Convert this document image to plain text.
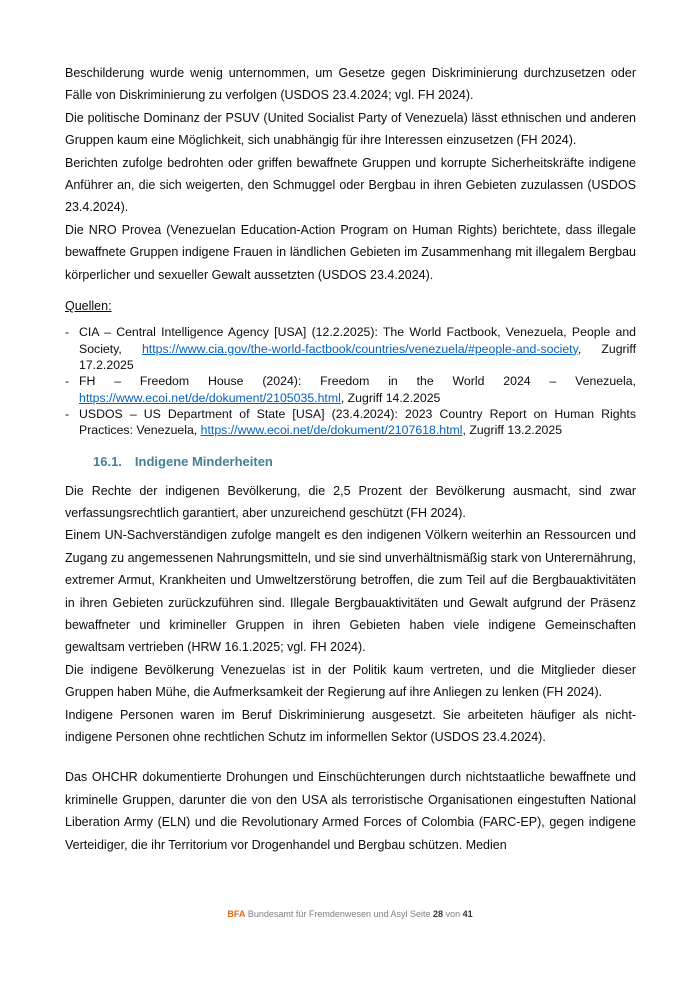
Beschilderung wurde wenig unternommen, um Gesetze gegen Diskriminierung durchzusetzen oder Fälle von Diskriminierung zu verfolgen (USDOS 23.4.2024; vgl. FH 2024).

Die politische Dominanz der PSUV (United Socialist Party of Venezuela) lässt ethnischen und anderen Gruppen kaum eine Möglichkeit, sich unabhängig für ihre Interessen einzusetzen (FH 2024).

Berichten zufolge bedrohten oder griffen bewaffnete Gruppen und korrupte Sicherheitskräfte indigene Anführer an, die sich weigerten, den Schmuggel oder Bergbau in ihren Gebieten zuzulassen (USDOS 23.4.2024).

Die NRO Provea (Venezuelan Education-Action Program on Human Rights) berichtete, dass illegale bewaffnete Gruppen indigene Frauen in ländlichen Gebieten im Zusammenhang mit illegalem Bergbau körperlicher und sexueller Gewalt aussetzten (USDOS 23.4.2024).

Quellen:

- CIA – Central Intelligence Agency [USA] (12.2.2025): The World Factbook, Venezuela, People and Society, https://www.cia.gov/the-world-factbook/countries/venezuela/#people-and-society, Zugriff 17.2.2025
- FH – Freedom House (2024): Freedom in the World 2024 – Venezuela, https://www.ecoi.net/de/dokument/2105035.html, Zugriff 14.2.2025
- USDOS – US Department of State [USA] (23.4.2024): 2023 Country Report on Human Rights Practices: Venezuela, https://www.ecoi.net/de/dokument/2107618.html, Zugriff 13.2.2025
16.1. Indigene Minderheiten

Die Rechte der indigenen Bevölkerung, die 2,5 Prozent der Bevölkerung ausmacht, sind zwar verfassungsrechtlich garantiert, aber unzureichend geschützt (FH 2024).

Einem UN-Sachverständigen zufolge mangelt es den indigenen Völkern weiterhin an Ressourcen und Zugang zu angemessenen Nahrungsmitteln, und sie sind unverhältnismäßig stark von Unterernährung, extremer Armut, Krankheiten und Umweltzerstörung betroffen, die zum Teil auf die Bergbauaktivitäten in ihren Gebieten zurückzuführen sind. Illegale Bergbauaktivitäten und Gewalt aufgrund der Präsenz bewaffneter und krimineller Gruppen in ihren Gebieten haben viele indigene Gemeinschaften gewaltsam vertrieben (HRW 16.1.2025; vgl. FH 2024).

Die indigene Bevölkerung Venezuelas ist in der Politik kaum vertreten, und die Mitglieder dieser Gruppen haben Mühe, die Aufmerksamkeit der Regierung auf ihre Anliegen zu lenken (FH 2024).

Indigene Personen waren im Beruf Diskriminierung ausgesetzt. Sie arbeiteten häufiger als nicht-indigene Personen ohne rechtlichen Schutz im informellen Sektor (USDOS 23.4.2024).

Das OHCHR dokumentierte Drohungen und Einschüchterungen durch nichtstaatliche bewaffnete und kriminelle Gruppen, darunter die von den USA als terroristische Organisationen eingestuften National Liberation Army (ELN) und die Revolutionary Armed Forces of Colombia (FARC-EP), gegen indigene Verteidiger, die ihr Territorium vor Drogenhandel und Bergbau schützen. Medien

BFA Bundesamt für Fremdenwesen und Asyl Seite 28 von 41
